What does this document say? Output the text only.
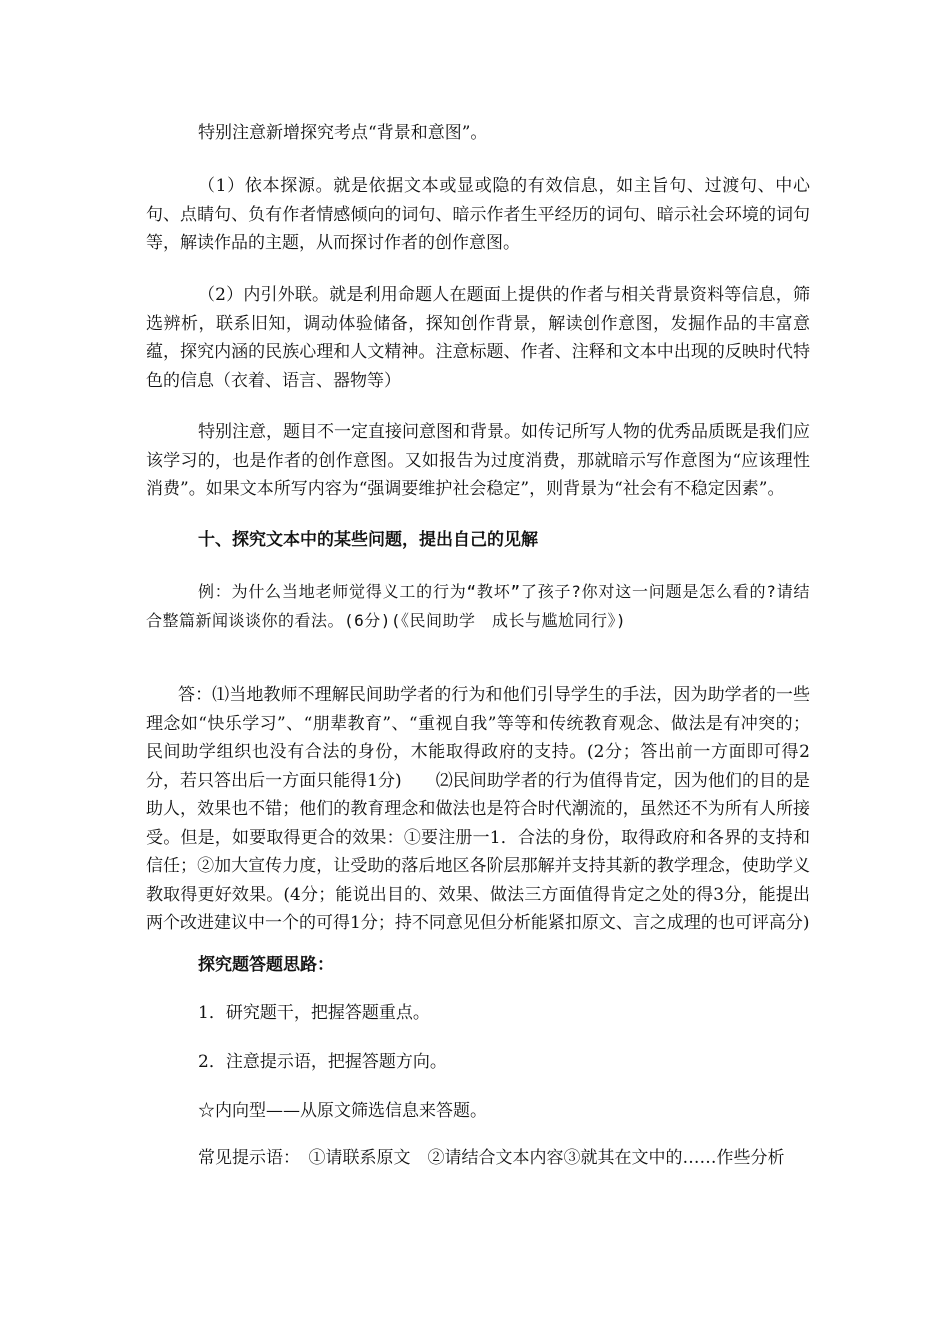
特别注意新增探究考点“背景和意图”。

（1）依本探源。就是依据文本或显或隐的有效信息，如主旨句、过渡句、中心句、点睛句、负有作者情感倾向的词句、暗示作者生平经历的词句、暗示社会环境的词句等，解读作品的主题，从而探讨作者的创作意图。

（2）内引外联。就是利用命题人在题面上提供的作者与相关背景资料等信息，筛选辨析，联系旧知，调动体验储备，探知创作背景，解读创作意图，发掘作品的丰富意蕴，探究内涵的民族心理和人文精神。注意标题、作者、注释和文本中出现的反映时代特色的信息（衣着、语言、器物等）

特别注意，题目不一定直接问意图和背景。如传记所写人物的优秀品质既是我们应该学习的，也是作者的创作意图。又如报告为过度消费，那就暗示写作意图为“应该理性消费”。如果文本所写内容为“强调要维护社会稳定”，则背景为“社会有不稳定因素”。

十、探究文本中的某些问题，提出自己的见解

例：为什么当地老师觉得义工的行为“教坏”了孩子?你对这一问题是怎么看的?请结合整篇新闻谈谈你的看法。(6分)(《民间助学　成长与尴尬同行》)

答：⑴当地教师不理解民间助学者的行为和他们引导学生的手法，因为助学者的一些理念如“快乐学习”、“朋辈教育”、“重视自我”等等和传统教育观念、做法是有冲突的；民间助学组织也没有合法的身份，木能取得政府的支持。(2分；答出前一方面即可得2分，若只答出后一方面只能得1分)　　⑵民间助学者的行为值得肯定，因为他们的目的是助人，效果也不错；他们的教育理念和做法也是符合时代潮流的，虽然还不为所有人所接受。但是，如要取得更合的效果：①要注册一1．合法的身份，取得政府和各界的支持和信任；②加大宣传力度，让受助的落后地区各阶层那解并支持其新的教学理念，使助学义教取得更好效果。(4分；能说出目的、效果、做法三方面值得肯定之处的得3分，能提出两个改进建议中一个的可得1分；持不同意见但分析能紧扣原文、言之成理的也可评高分)

探究题答题思路：

1．研究题干，把握答题重点。

2．注意提示语，把握答题方向。

☆内向型——从原文筛选信息来答题。

常见提示语：　①请联系原文　②请结合文本内容③就其在文中的……作些分析
